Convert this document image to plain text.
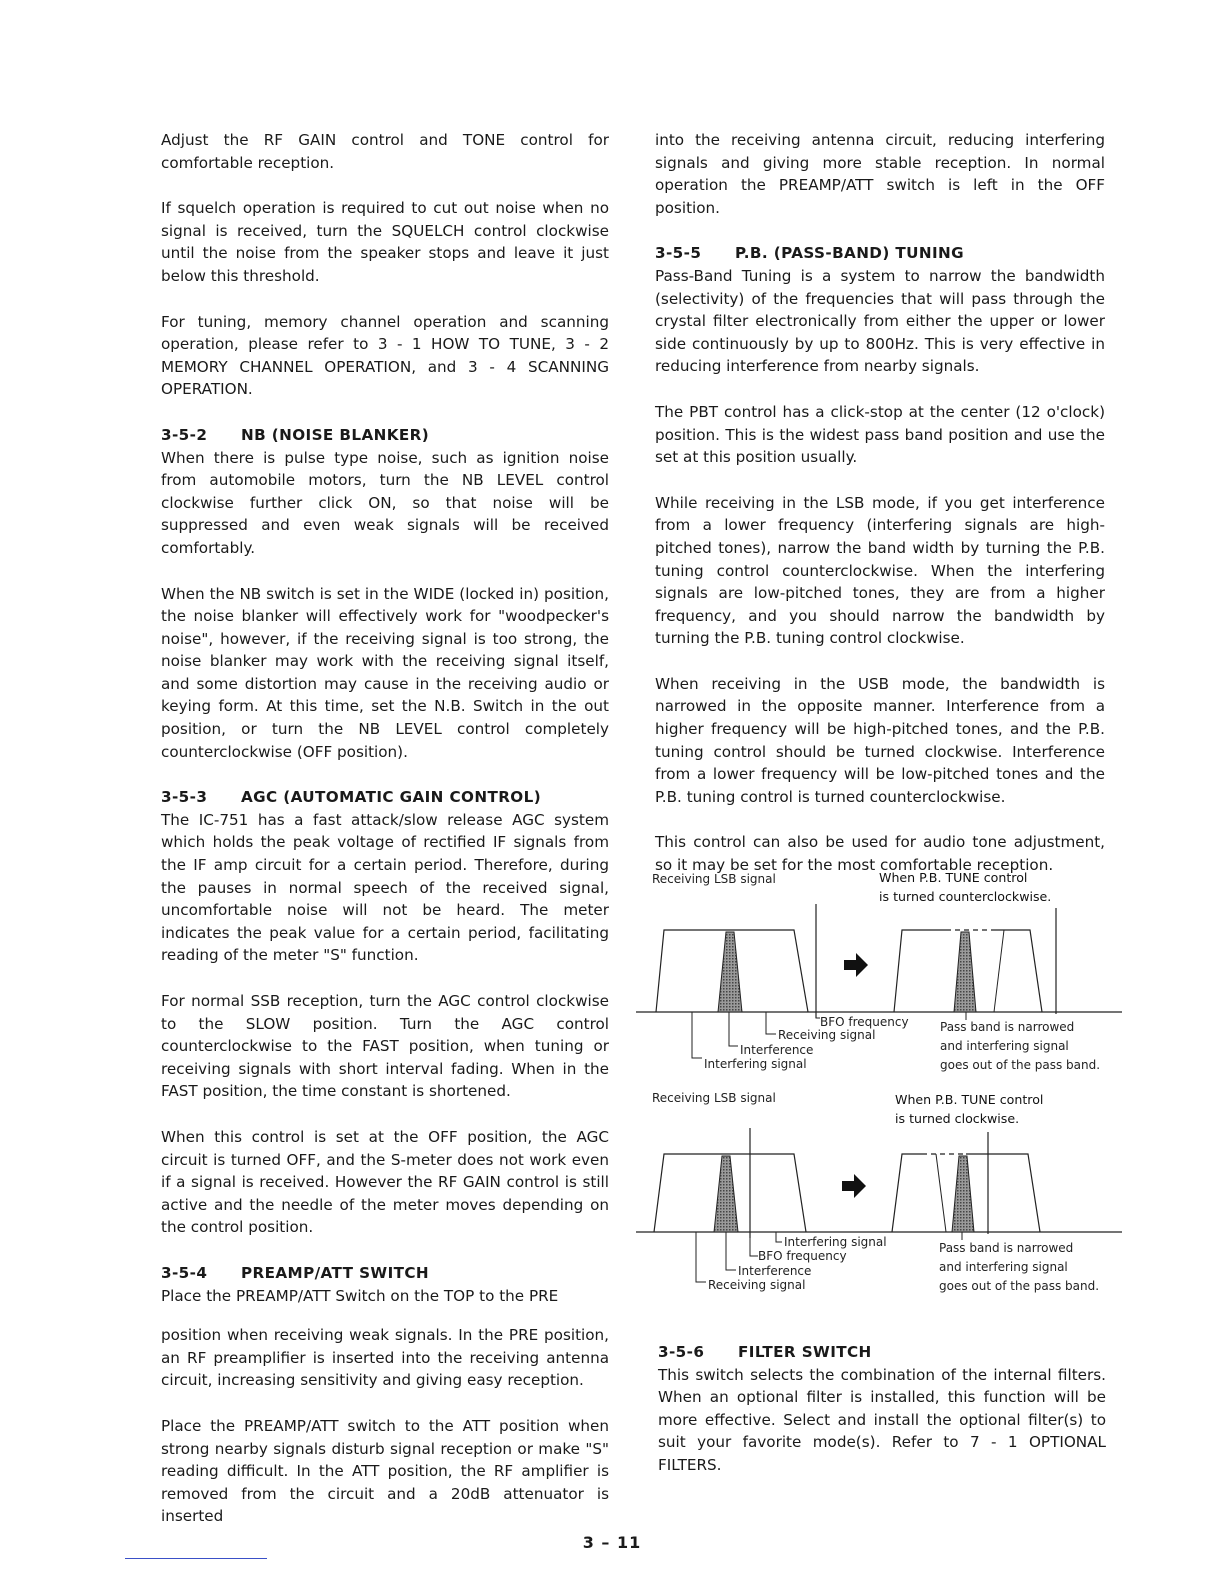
Adjust the RF GAIN control and TONE control for comfortable reception.

If squelch operation is required to cut out noise when no signal is received, turn the SQUELCH control clockwise until the noise from the speaker stops and leave it just below this threshold.

For tuning, memory channel operation and scanning operation, please refer to 3 - 1 HOW TO TUNE, 3 - 2 MEMORY CHANNEL OPERATION, and 3 - 4 SCANNING OPERATION.

3-5-2 NB (NOISE BLANKER)

When there is pulse type noise, such as ignition noise from automobile motors, turn the NB LEVEL control clockwise further click ON, so that noise will be suppressed and even weak signals will be received comfortably.

When the NB switch is set in the WIDE (locked in) position, the noise blanker will effectively work for "woodpecker's noise", however, if the receiving signal is too strong, the noise blanker may work with the receiving signal itself, and some distortion may cause in the receiving audio or keying form. At this time, set the N.B. Switch in the out position, or turn the NB LEVEL control completely counterclockwise (OFF position).

3-5-3 AGC (AUTOMATIC GAIN CONTROL)

The IC-751 has a fast attack/slow release AGC system which holds the peak voltage of rectified IF signals from the IF amp circuit for a certain period. Therefore, during the pauses in normal speech of the received signal, uncomfortable noise will not be heard. The meter indicates the peak value for a certain period, facilitating reading of the meter "S" function.

For normal SSB reception, turn the AGC control clockwise to the SLOW position. Turn the AGC control counterclockwise to the FAST position, when tuning or receiving signals with short interval fading. When in the FAST position, the time constant is shortened.

When this control is set at the OFF position, the AGC circuit is turned OFF, and the S-meter does not work even if a signal is received. However the RF GAIN control is still active and the needle of the meter moves depending on the control position.

3-5-4 PREAMP/ATT SWITCH

Place the PREAMP/ATT Switch on the TOP to the PRE

position when receiving weak signals. In the PRE position, an RF preamplifier is inserted into the receiving antenna circuit, increasing sensitivity and giving easy reception.

Place the PREAMP/ATT switch to the ATT position when strong nearby signals disturb signal reception or make "S" reading difficult. In the ATT position, the RF amplifier is removed from the circuit and a 20dB attenuator is inserted

into the receiving antenna circuit, reducing interfering signals and giving more stable reception. In normal operation the PREAMP/ATT switch is left in the OFF position.

3-5-5 P.B. (PASS-BAND) TUNING

Pass-Band Tuning is a system to narrow the bandwidth (selectivity) of the frequencies that will pass through the crystal filter electronically from either the upper or lower side continuously by up to 800Hz. This is very effective in reducing interference from nearby signals.

The PBT control has a click-stop at the center (12 o'clock) position. This is the widest pass band position and use the set at this position usually.

While receiving in the LSB mode, if you get interference from a lower frequency (interfering signals are high-pitched tones), narrow the band width by turning the P.B. tuning control counterclockwise. When the interfering signals are low-pitched tones, they are from a higher frequency, and you should narrow the bandwidth by turning the P.B. tuning control clockwise.

When receiving in the USB mode, the bandwidth is narrowed in the opposite manner. Interference from a higher frequency will be high-pitched tones, and the P.B. tuning control should be turned clockwise. Interference from a lower frequency will be low-pitched tones and the P.B. tuning control is turned counterclockwise.

This control can also be used for audio tone adjustment, so it may be set for the most comfortable reception.

Receiving LSB signal	When P.B. TUNE control
is turned counterclockwise.
BFO frequency
Receiving signal
Interference
Interfering signal
Pass band is narrowed
and interfering signal
goes out of the pass band.
Receiving LSB signal	When P.B. TUNE control
is turned clockwise.
Interfering signal
BFO frequency
Interference
Receiving signal
Pass band is narrowed
and interfering signal
goes out of the pass band.
3-5-6 FILTER SWITCH

This switch selects the combination of the internal filters. When an optional filter is installed, this function will be more effective. Select and install the optional filter(s) to suit your favorite mode(s). Refer to 7 - 1 OPTIONAL FILTERS.

3 – 11
